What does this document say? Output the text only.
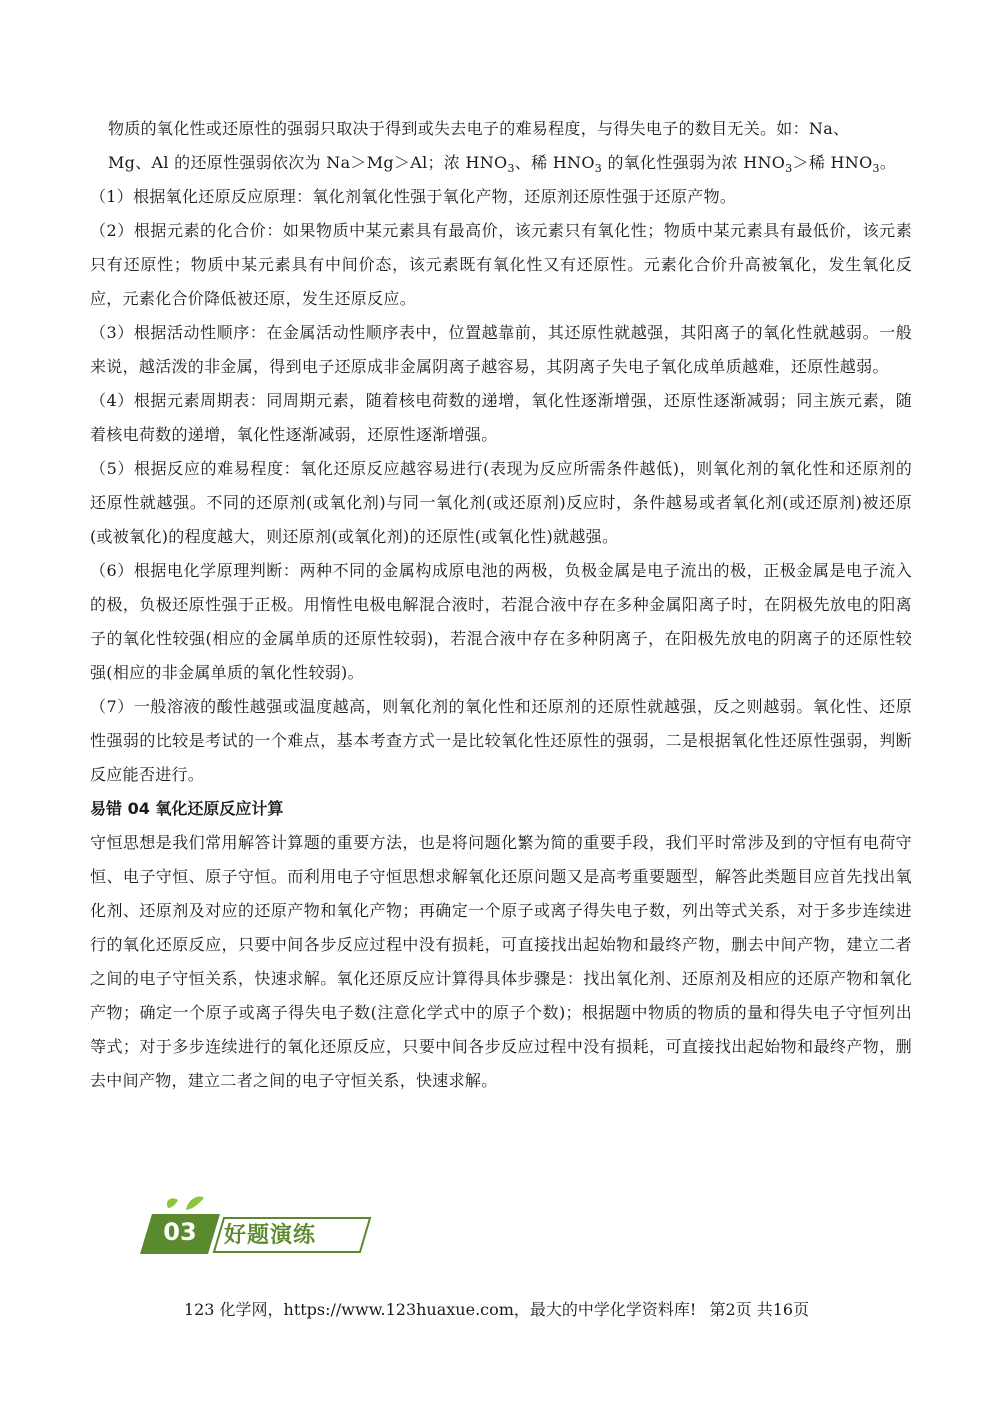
物质的氧化性或还原性的强弱只取决于得到或失去电子的难易程度，与得失电子的数目无关。如：Na、

Mg、Al 的还原性强弱依次为 Na＞Mg＞Al；浓 $HNO_3$、稀 $HNO_3$ 的氧化性强弱为浓 $HNO_3>$稀 $HNO_3$。

（1）根据氧化还原反应原理：氧化剂氧化性强于氧化产物，还原剂还原性强于还原产物。

（2）根据元素的化合价：如果物质中某元素具有最高价，该元素只有氧化性；物质中某元素具有最低价，该元素只有还原性；物质中某元素具有中间价态，该元素既有氧化性又有还原性。元素化合价升高被氧化，发生氧化反应，元素化合价降低被还原，发生还原反应。

（3）根据活动性顺序：在金属活动性顺序表中，位置越靠前，其还原性就越强，其阳离子的氧化性就越弱。一般来说，越活泼的非金属，得到电子还原成非金属阴离子越容易，其阴离子失电子氧化成单质越难，还原性越弱。

（4）根据元素周期表：同周期元素，随着核电荷数的递增，氧化性逐渐增强，还原性逐渐减弱；同主族元素，随着核电荷数的递增，氧化性逐渐减弱，还原性逐渐增强。

（5）根据反应的难易程度：氧化还原反应越容易进行(表现为反应所需条件越低)，则氧化剂的氧化性和还原剂的还原性就越强。不同的还原剂(或氧化剂)与同一氧化剂(或还原剂)反应时，条件越易或者氧化剂(或还原剂)被还原(或被氧化)的程度越大，则还原剂(或氧化剂)的还原性(或氧化性)就越强。

（6）根据电化学原理判断：两种不同的金属构成原电池的两极，负极金属是电子流出的极，正极金属是电子流入的极，负极还原性强于正极。用惰性电极电解混合液时，若混合液中存在多种金属阳离子时，在阴极先放电的阳离子的氧化性较强(相应的金属单质的还原性较弱)，若混合液中存在多种阴离子，在阳极先放电的阴离子的还原性较强(相应的非金属单质的氧化性较弱)。

（7）一般溶液的酸性越强或温度越高，则氧化剂的氧化性和还原剂的还原性就越强，反之则越弱。氧化性、还原性强弱的比较是考试的一个难点，基本考查方式一是比较氧化性还原性的强弱，二是根据氧化性还原性强弱，判断反应能否进行。

易错 04 氧化还原反应计算

守恒思想是我们常用解答计算题的重要方法，也是将问题化繁为简的重要手段，我们平时常涉及到的守恒有电荷守恒、电子守恒、原子守恒。而利用电子守恒思想求解氧化还原问题又是高考重要题型，解答此类题目应首先找出氧化剂、还原剂及对应的还原产物和氧化产物；再确定一个原子或离子得失电子数，列出等式关系，对于多步连续进行的氧化还原反应，只要中间各步反应过程中没有损耗，可直接找出起始物和最终产物，删去中间产物，建立二者之间的电子守恒关系，快速求解。氧化还原反应计算得具体步骤是：找出氧化剂、还原剂及相应的还原产物和氧化产物；确定一个原子或离子得失电子数(注意化学式中的原子个数)；根据题中物质的物质的量和得失电子守恒列出等式；对于多步连续进行的氧化还原反应，只要中间各步反应过程中没有损耗，可直接找出起始物和最终产物，删去中间产物，建立二者之间的电子守恒关系，快速求解。

03	好题演练
123 化学网，https://www.123huaxue.com，最大的中学化学资料库! 第2页 共16页
